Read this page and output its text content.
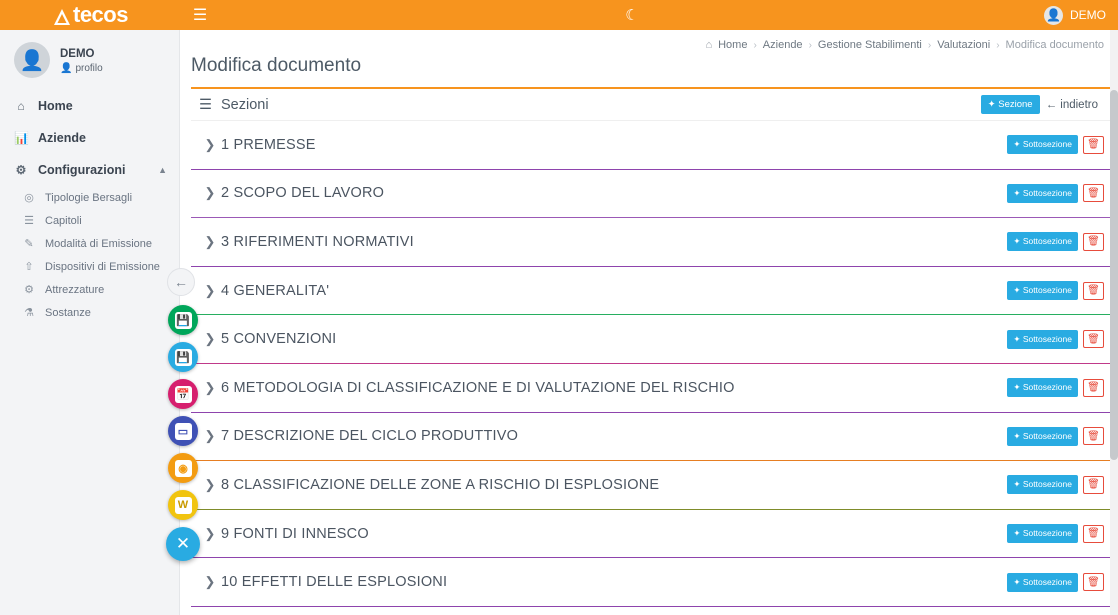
tecos	☰	☾	👤 DEMO
👤	DEMO
👤 profilo
⌂ Home
📊 Aziende
⚙ Configurazioni	▲
◎ Tipologie Bersagli
☰ Capitoli
✎ Modalità di Emissione
⇧ Dispositivi di Emissione
⚙ Attrezzature
⚗ Sostanze
←
💾
💾
📅
▭
◉
W
✕
⌂ Home › Aziende › Gestione Stabilimenti › Valutazioni › Modifica documento
Modifica documento
☰ Sezioni	✦ Sezione	← indietro
❯ 1 PREMESSE	✦ Sottosezione	🗑
❯ 2 SCOPO DEL LAVORO	✦ Sottosezione	🗑
❯ 3 RIFERIMENTI NORMATIVI	✦ Sottosezione	🗑
❯ 4 GENERALITA'	✦ Sottosezione	🗑
❯ 5 CONVENZIONI	✦ Sottosezione	🗑
❯ 6 METODOLOGIA DI CLASSIFICAZIONE E DI VALUTAZIONE DEL RISCHIO	✦ Sottosezione	🗑
❯ 7 DESCRIZIONE DEL CICLO PRODUTTIVO	✦ Sottosezione	🗑
❯ 8 CLASSIFICAZIONE DELLE ZONE A RISCHIO DI ESPLOSIONE	✦ Sottosezione	🗑
❯ 9 FONTI DI INNESCO	✦ Sottosezione	🗑
❯ 10 EFFETTI DELLE ESPLOSIONI	✦ Sottosezione	🗑
